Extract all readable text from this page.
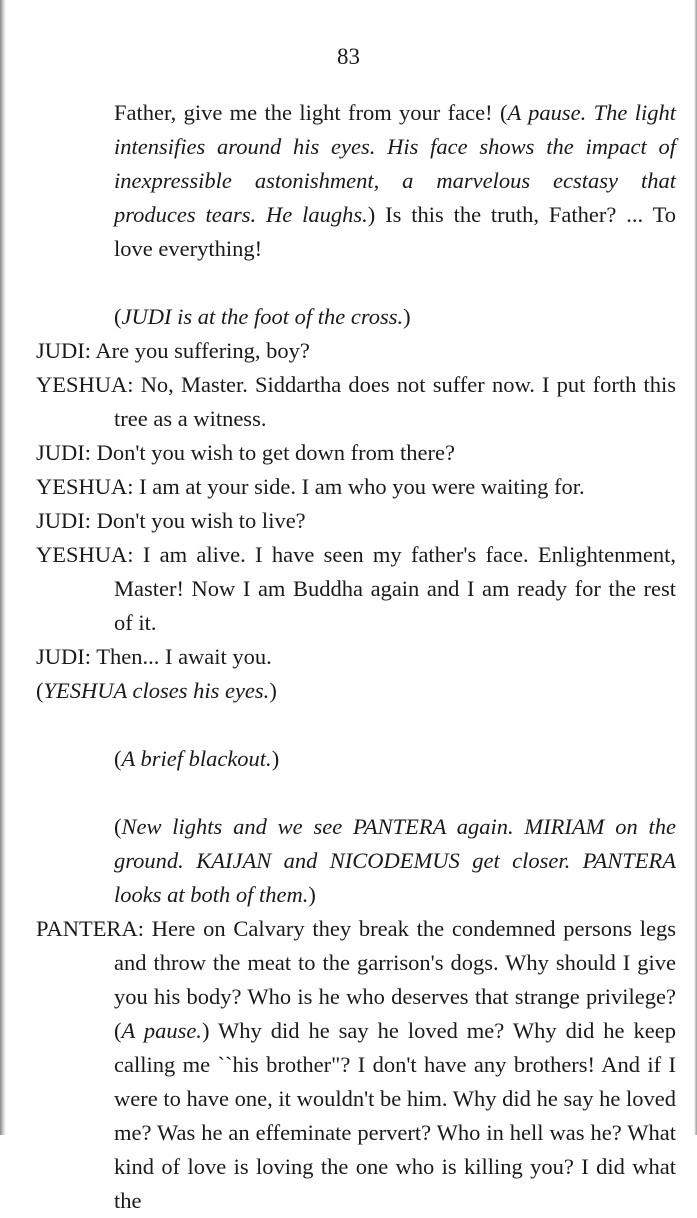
83

Father, give me the light from your face! (A pause. The light intensifies around his eyes. His face shows the impact of inexpressible astonishment, a marvelous ecstasy that produces tears. He laughs.) Is this the truth, Father? ... To love everything!

(JUDI is at the foot of the cross.)

JUDI: Are you suffering, boy?

YESHUA: No, Master. Siddartha does not suffer now. I put forth this tree as a witness.

JUDI: Don't you wish to get down from there?

YESHUA: I am at your side. I am who you were waiting for.

JUDI: Don't you wish to live?

YESHUA: I am alive. I have seen my father's face. Enlightenment, Master! Now I am Buddha again and I am ready for the rest of it.

JUDI: Then... I await you.
(YESHUA closes his eyes.)

(A brief blackout.)

(New lights and we see PANTERA again. MIRIAM on the ground. KAIJAN and NICODEMUS get closer. PANTERA looks at both of them.)

PANTERA: Here on Calvary they break the condemned persons legs and throw the meat to the garrison's dogs. Why should I give you his body? Who is he who deserves that strange privilege? (A pause.) Why did he say he loved me? Why did he keep calling me ``his brother"? I don't have any brothers! And if I were to have one, it wouldn't be him. Why did he say he loved me? Was he an effeminate pervert? Who in hell was he? What kind of love is loving the one who is killing you? I did what the
